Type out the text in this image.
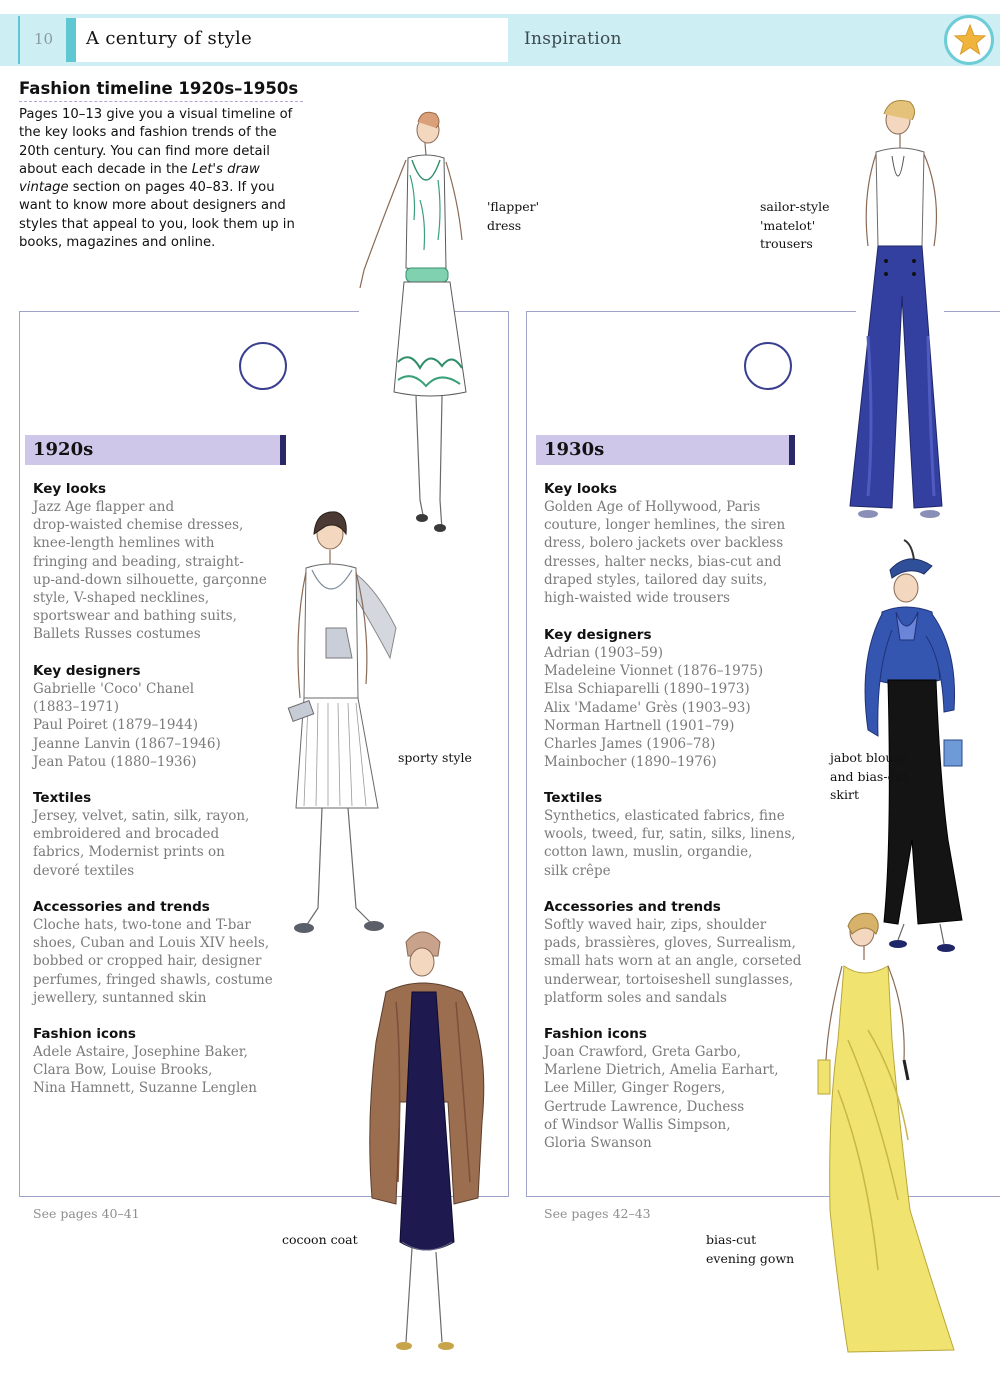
10 A century of style	Inspiration
Fashion timeline 1920s–1950s
Pages 10–13 give you a visual timeline of the key looks and fashion trends of the 20th century. You can find more detail about each decade in the Let's draw vintage section on pages 40–83. If you want to know more about designers and styles that appeal to you, look them up in books, magazines and online.
1920s	1930s
Key looks
Jazz Age flapper and
drop-waisted chemise dresses,
knee-length hemlines with
fringing and beading, straight-
up-and-down silhouette, garçonne
style, V-shaped necklines,
sportswear and bathing suits,
Ballets Russes costumes
Key designers
Gabrielle 'Coco' Chanel
(1883–1971)
Paul Poiret (1879–1944)
Jeanne Lanvin (1867–1946)
Jean Patou (1880–1936)
Textiles
Jersey, velvet, satin, silk, rayon,
embroidered and brocaded
fabrics, Modernist prints on
devoré textiles
Accessories and trends
Cloche hats, two-tone and T-bar
shoes, Cuban and Louis XIV heels,
bobbed or cropped hair, designer
perfumes, fringed shawls, costume
jewellery, suntanned skin
Fashion icons
Adele Astaire, Josephine Baker,
Clara Bow, Louise Brooks,
Nina Hamnett, Suzanne Lenglen
See pages 40–41
Key looks
Golden Age of Hollywood, Paris
couture, longer hemlines, the siren
dress, bolero jackets over backless
dresses, halter necks, bias-cut and
draped styles, tailored day suits,
high-waisted wide trousers
Key designers
Adrian (1903–59)
Madeleine Vionnet (1876–1975)
Elsa Schiaparelli (1890–1973)
Alix 'Madame' Grès (1903–93)
Norman Hartnell (1901–79)
Charles James (1906–78)
Mainbocher (1890–1976)
Textiles
Synthetics, elasticated fabrics, fine
wools, tweed, fur, satin, silks, linens,
cotton lawn, muslin, organdie,
silk crêpe
Accessories and trends
Softly waved hair, zips, shoulder
pads, brassières, gloves, Surrealism,
small hats worn at an angle, corseted
underwear, tortoiseshell sunglasses,
platform soles and sandals
Fashion icons
Joan Crawford, Greta Garbo,
Marlene Dietrich, Amelia Earhart,
Lee Miller, Ginger Rogers,
Gertrude Lawrence, Duchess
of Windsor Wallis Simpson,
Gloria Swanson
See pages 42–43
'flapper'
dress
sailor-style
'matelot'
trousers
sporty style	jabot blouse
and bias-cut
skirt
cocoon coat	bias-cut
evening gown
